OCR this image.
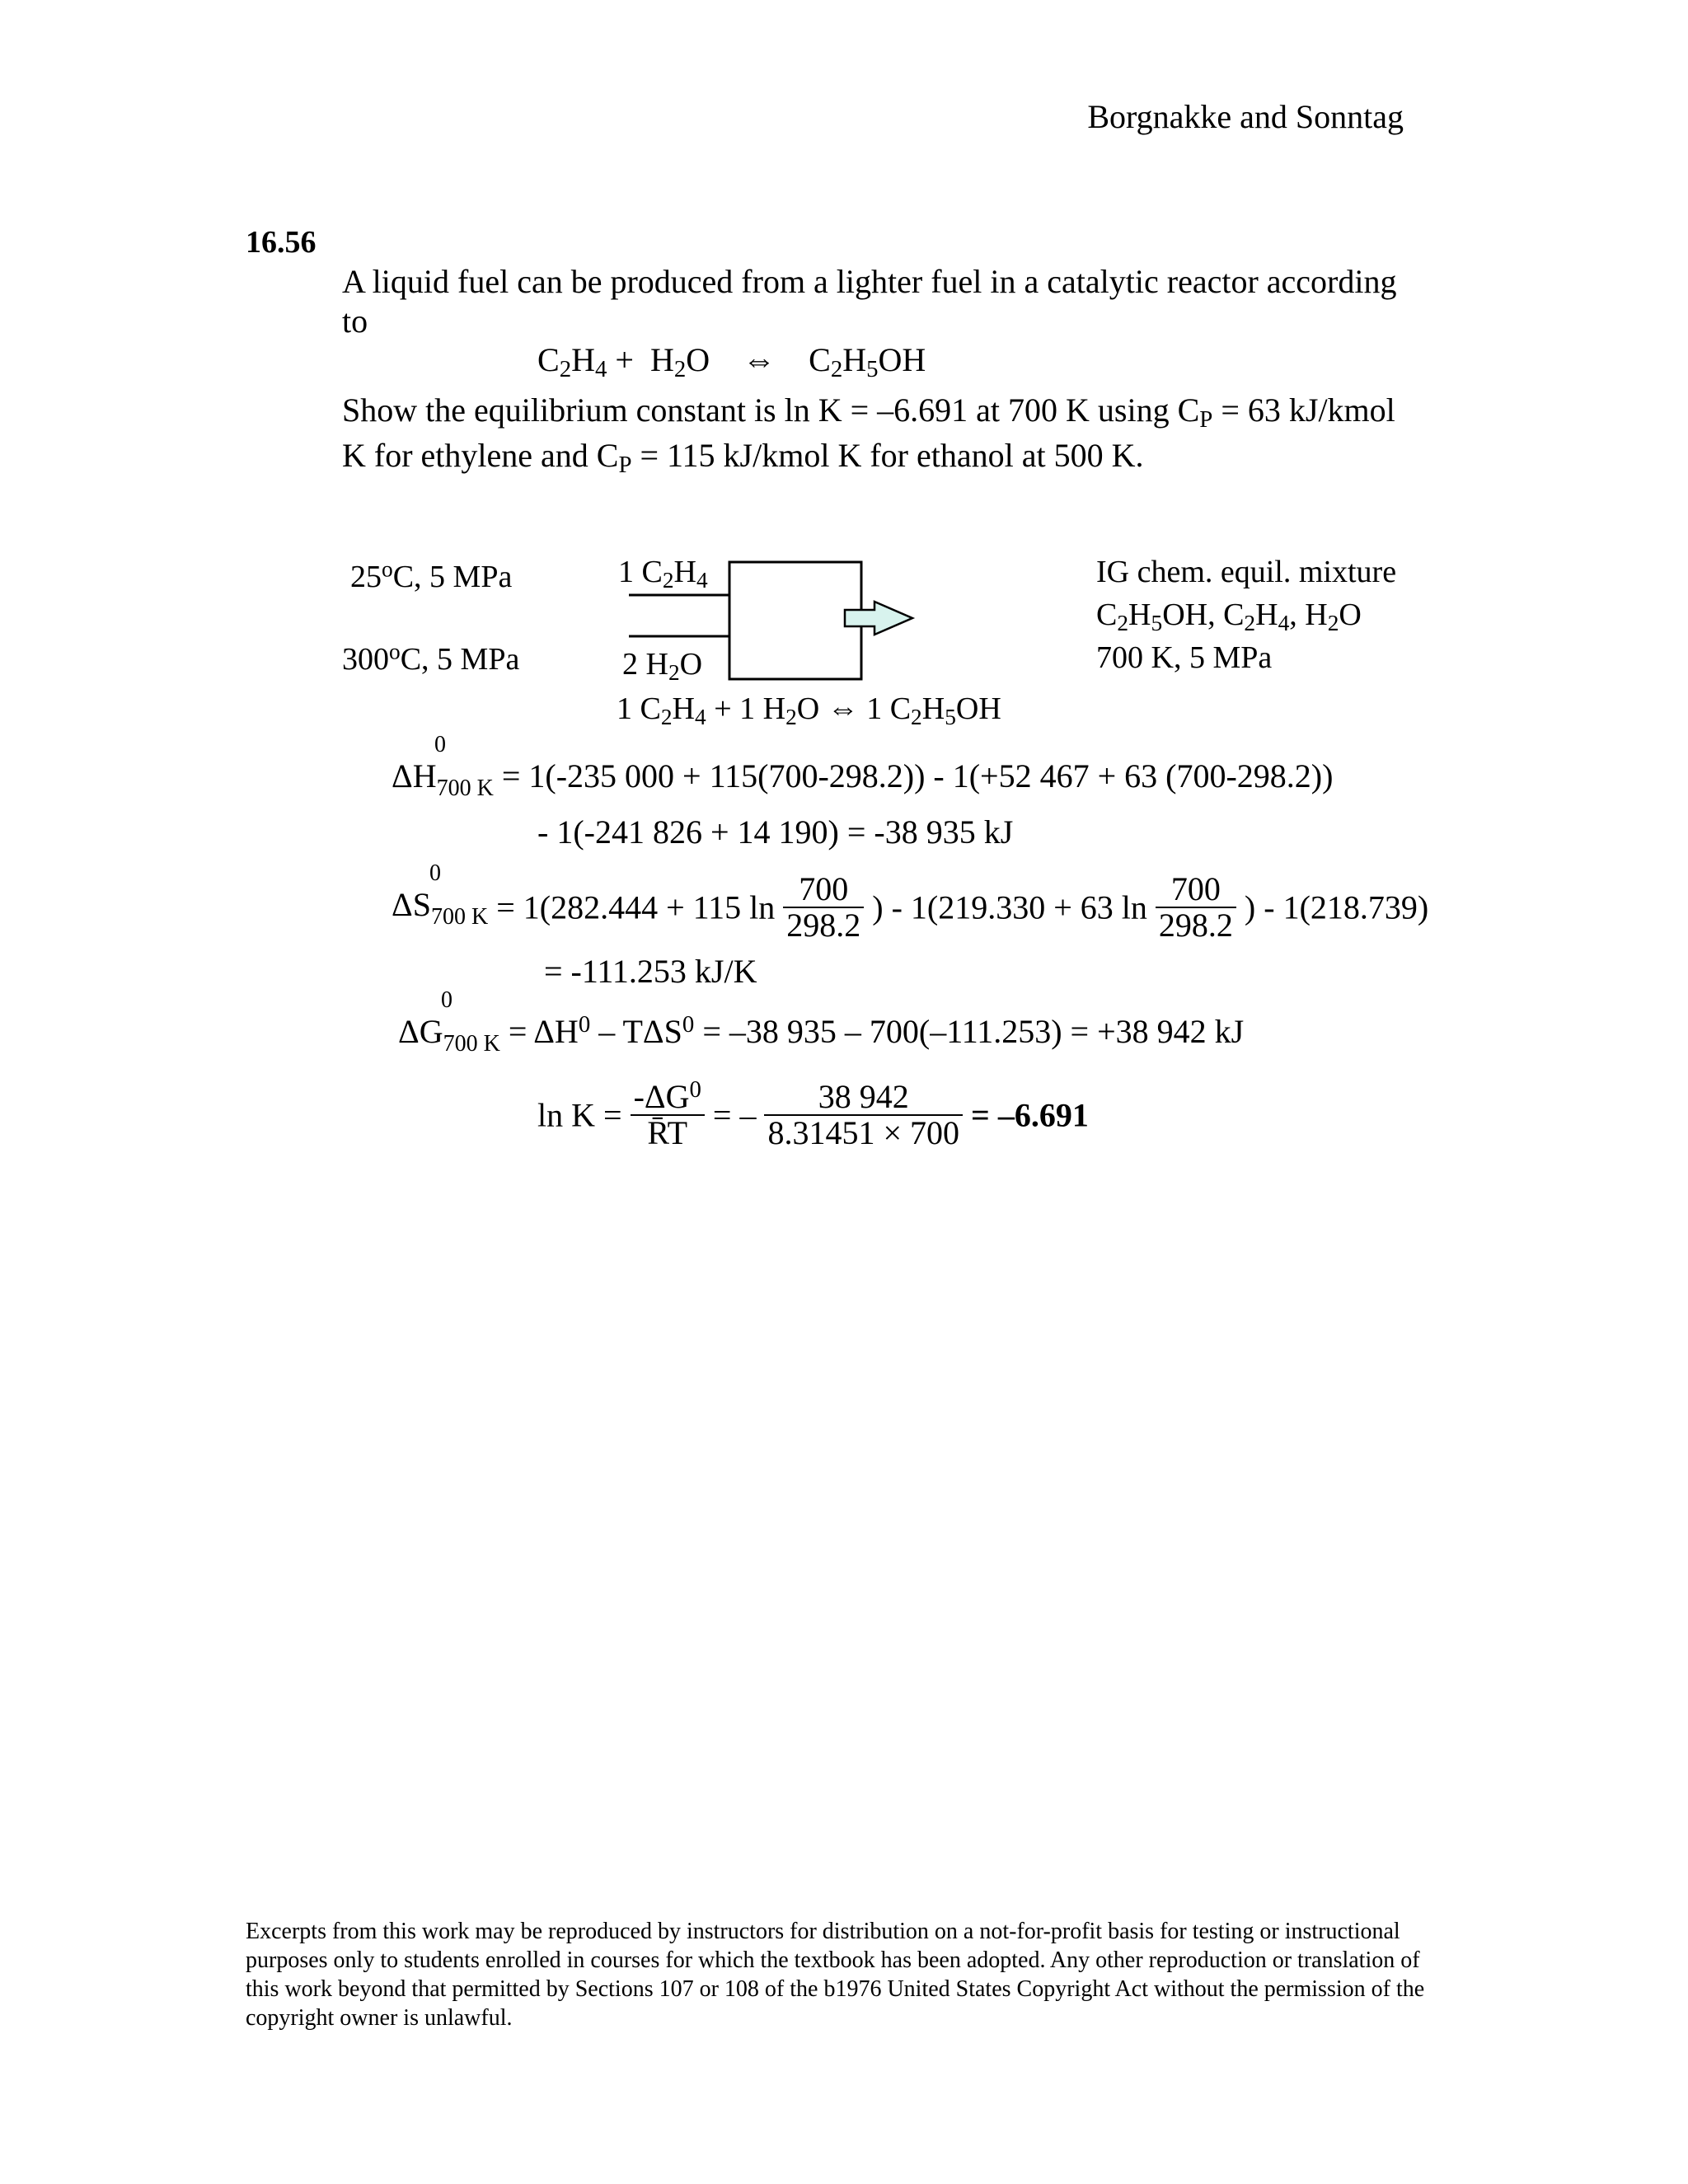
Borgnakke and Sonntag
16.56
A liquid fuel can be produced from a lighter fuel in a catalytic reactor according to
$C_2H_4 + H_2O$    ⇔    $C_2H_5OH$
Show the equilibrium constant is ln K = –6.691 at 700 K using $C_P = 63$ kJ/kmol
K for ethylene and $C_P = 115$ kJ/kmol K for ethanol at 500 K.
25$^o$C, 5 MPa
300$^o$C, 5 MPa
1 $C_2H_4$
2 $H_2O$
IG chem. equil. mixture
$C_2H_5OH$, $C_2H_4$, $H_2O$
700 K, 5 MPa
1 $C_2H_4 + 1$ $H_2O$ ⇔ 1 $C_2H_5OH$
ΔH
0
$_{700 K}$ = 1(-235 000 + 115(700-298.2)) - 1(+52 467 + 63 (700-298.2))
- 1(-241 826 + 14 190) = -38 935 kJ
ΔS
0
$_{700 K}$ = 1(282.444 + 115 $\ln \frac{700}{298.2}$ ) - 1(219.330 + 63 $\ln \frac{700}{298.2}$ ) - 1(218.739)
= -111.253 kJ/K
ΔG
0
$_{700 K} = \Delta H^0 - T\Delta S^0 = -38$ 935 – 700(–111.253) = +38 942 kJ
$\ln K = \frac{-\Delta G^0}{R̄T}$ = – $\frac{38 942}{8.31451 \times 700} = -6.691$
Excerpts from this work may be reproduced by instructors for distribution on a not-for-profit basis for testing or instructional purposes only to students enrolled in courses for which the textbook has been adopted. Any other reproduction or translation of this work beyond that permitted by Sections 107 or 108 of the b1976 United States Copyright Act without the permission of the copyright owner is unlawful.
